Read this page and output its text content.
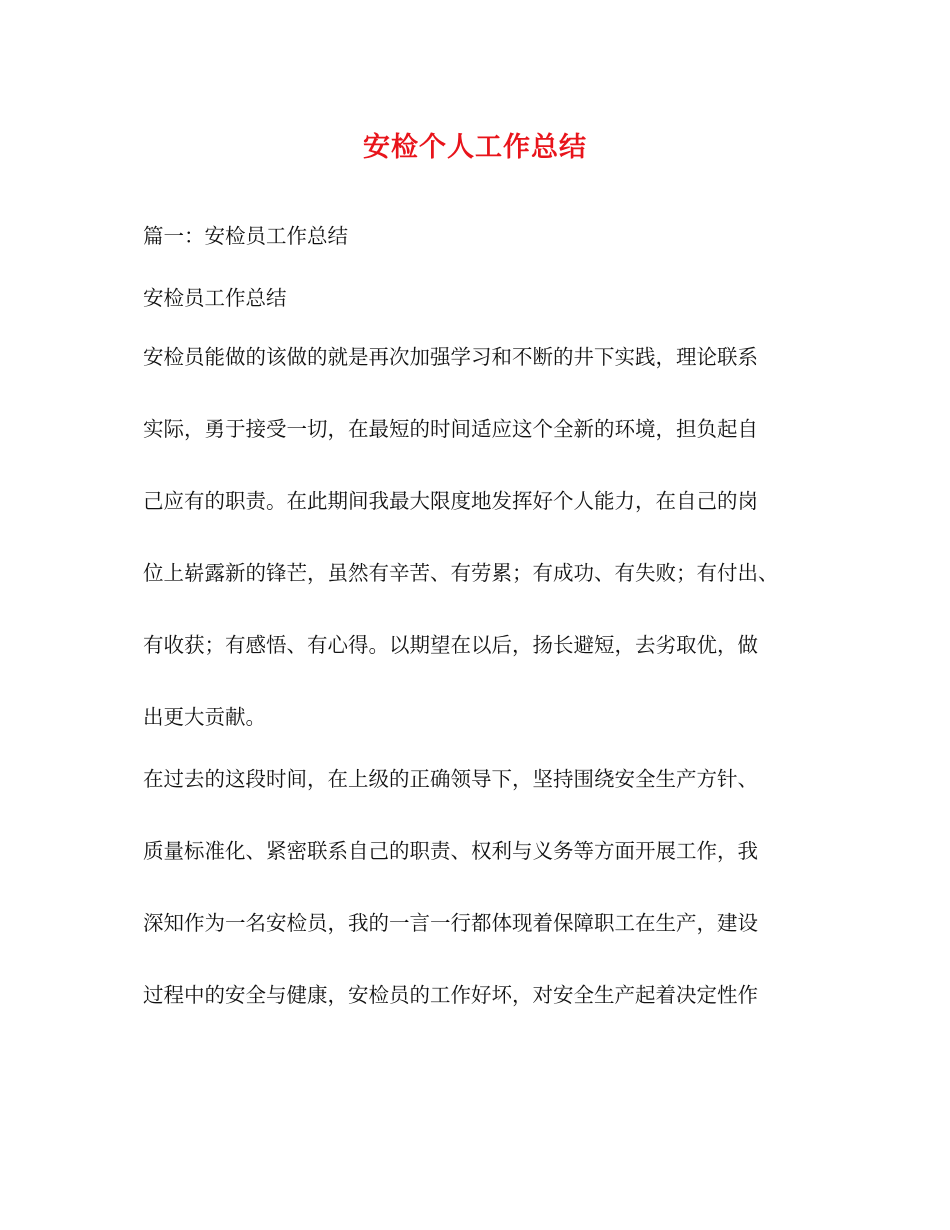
安检个人工作总结
篇一：安检员工作总结
安检员工作总结
安检员能做的该做的就是再次加强学习和不断的井下实践，理论联系
实际，勇于接受一切，在最短的时间适应这个全新的环境，担负起自
己应有的职责。在此期间我最大限度地发挥好个人能力，在自己的岗
位上崭露新的锋芒，虽然有辛苦、有劳累；有成功、有失败；有付出、
有收获；有感悟、有心得。以期望在以后，扬长避短，去劣取优，做
出更大贡献。
在过去的这段时间，在上级的正确领导下，坚持围绕安全生产方针、
质量标准化、紧密联系自己的职责、权利与义务等方面开展工作，我
深知作为一名安检员，我的一言一行都体现着保障职工在生产，建设
过程中的安全与健康，安检员的工作好坏，对安全生产起着决定性作
